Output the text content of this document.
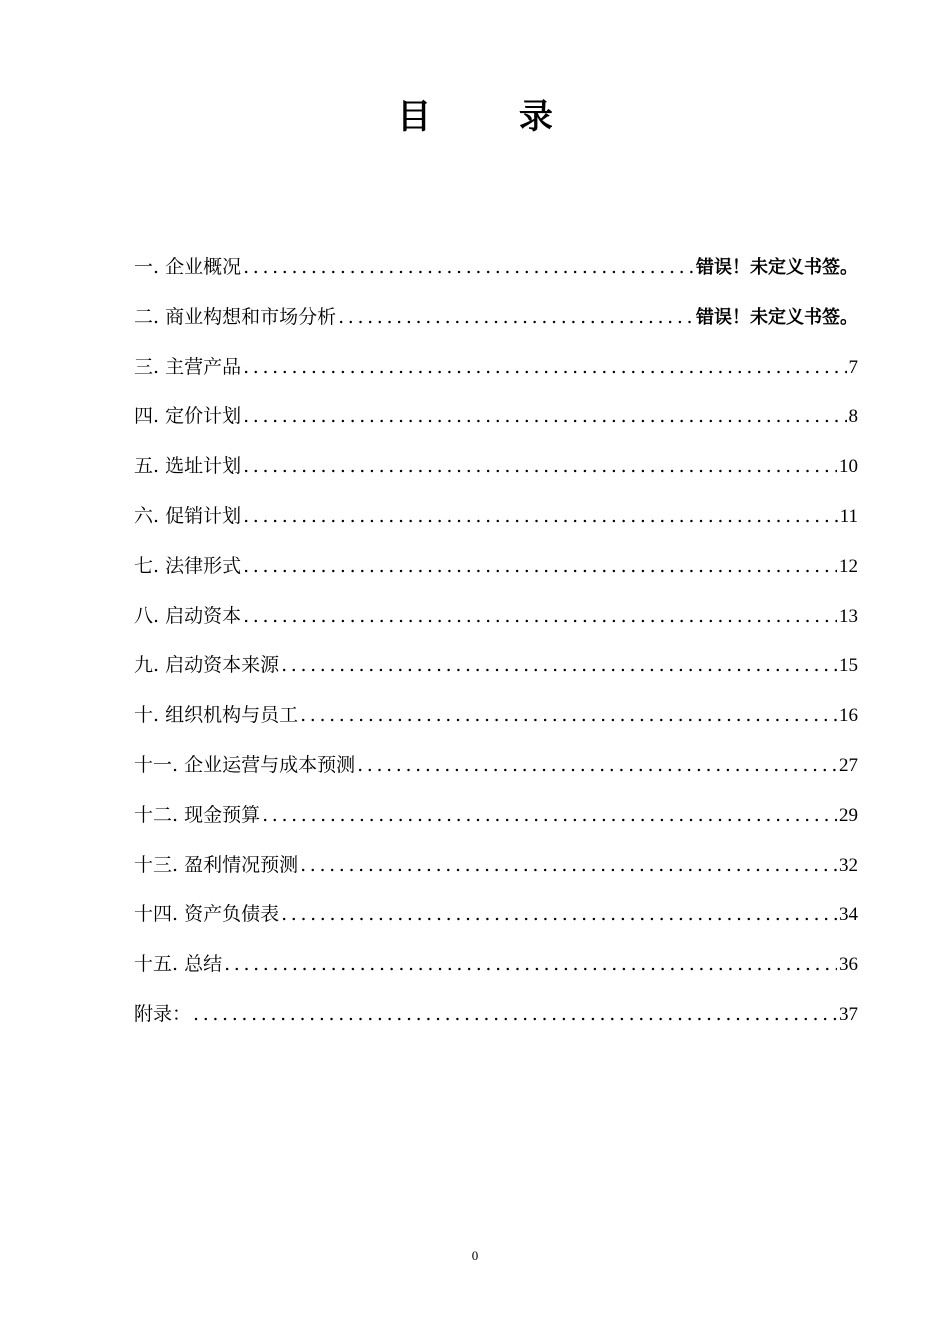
目 录
一. 企业概况 . . .	错误！未定义书签。
二. 商业构想和市场分析 . . .	错误！未定义书签。
三. 主营产品 . . .	7
四. 定价计划 . . .	8
五. 选址计划 . . .	10
六. 促销计划 . . .	11
七. 法律形式 . . .	12
八. 启动资本 . . .	13
九. 启动资本来源 . . .	15
十. 组织机构与员工 . . .	16
十一. 企业运营与成本预测 . . .	27
十二. 现金预算 . . .	29
十三. 盈利情况预测 . . .	32
十四. 资产负债表 . . .	34
十五. 总结 . . .	36
附录： . . .	37
0
